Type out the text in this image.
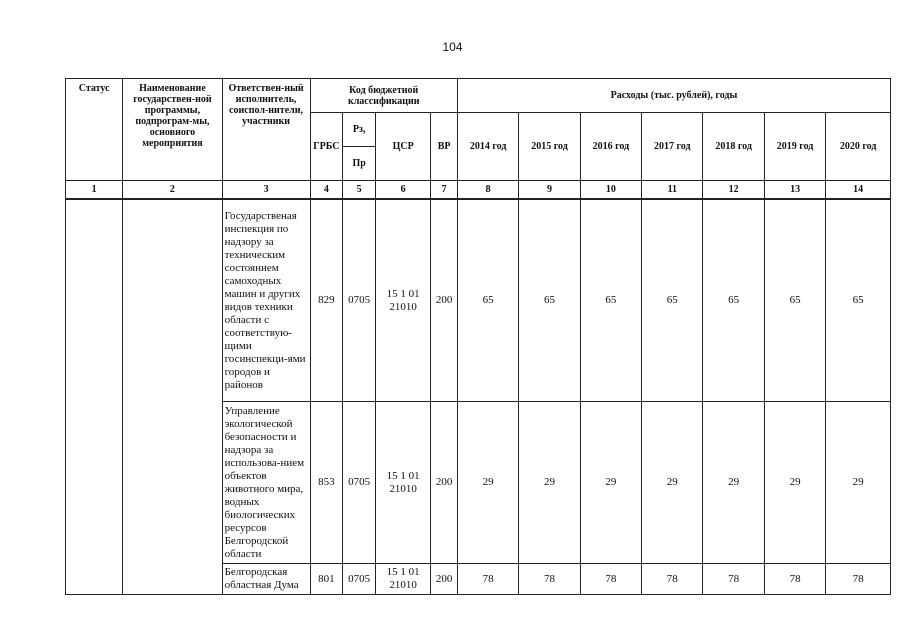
104
Статус	Наименование государствен-ной программы, подпрограм-мы, основного мероприятия	Ответствен-ный исполнитель, соиспол-нители, участники	Код бюджетной классификации				Расходы (тыс. рублей), годы						
			ГРБС	Рз,	ЦСР	ВР	2014 год	2015 год	2016 год	2017 год	2018 год	2019 год	2020 год
				Пр									
1	2	3	4	5	6	7	8	9	10	11	12	13	14
		Государственая инспекция по надзору за техническим состоянием самоходных машин и других видов техники области с соответствую-щими госинспекци-ями городов и районов	829	0705	15 1 01 21010	200	65	65	65	65	65	65	65
		Управление экологической безопасности и надзора за использова-нием объектов животного мира, водных биологических ресурсов Белгородской области	853	0705	15 1 01 21010	200	29	29	29	29	29	29	29
		Белгородская областная Дума	801	0705	15 1 01 21010	200	78	78	78	78	78	78	78
